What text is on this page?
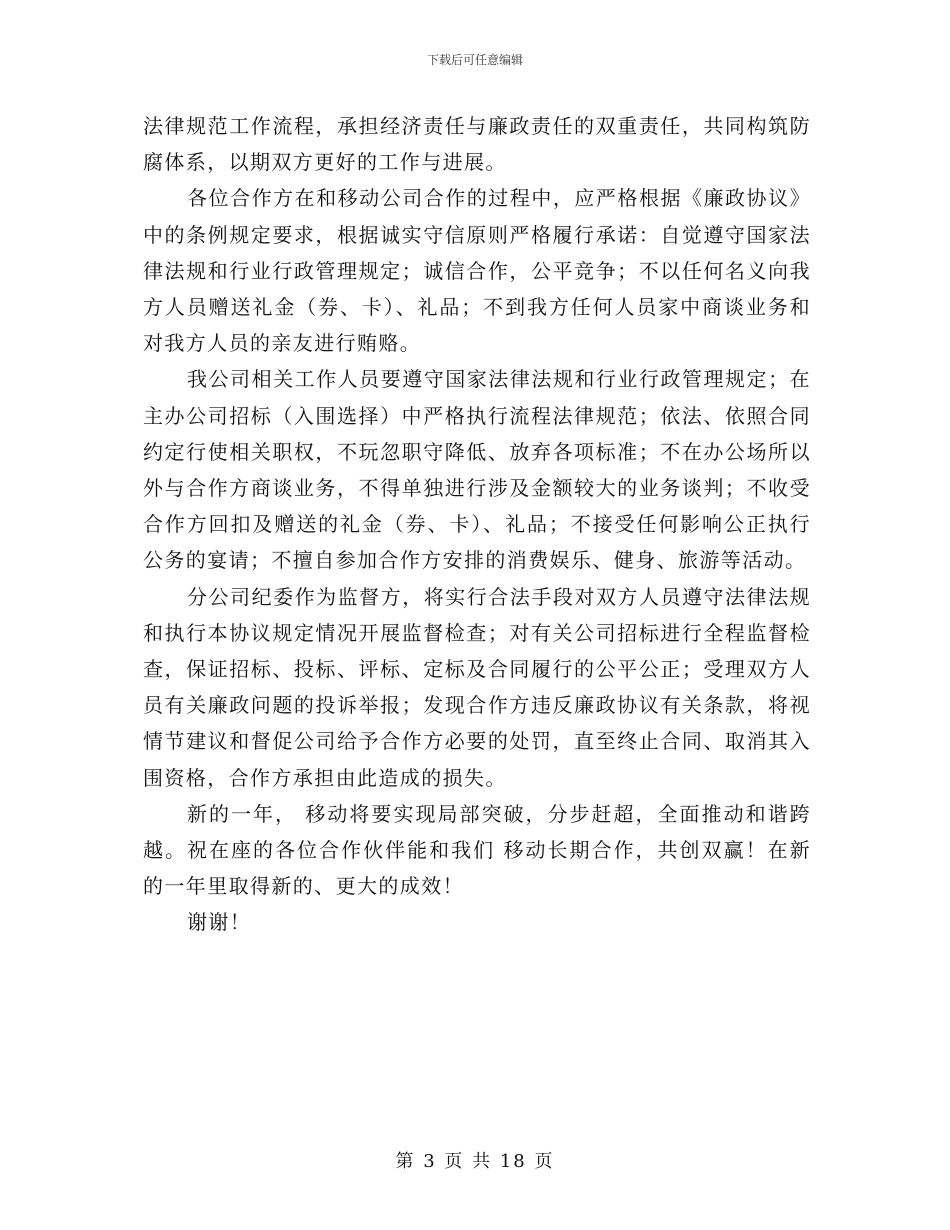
下载后可任意编辑

法律规范工作流程，承担经济责任与廉政责任的双重责任，共同构筑防腐体系，以期双方更好的工作与进展。

各位合作方在和移动公司合作的过程中，应严格根据《廉政协议》中的条例规定要求，根据诚实守信原则严格履行承诺：自觉遵守国家法律法规和行业行政管理规定；诚信合作，公平竞争；不以任何名义向我方人员赠送礼金（券、卡）、礼品；不到我方任何人员家中商谈业务和对我方人员的亲友进行贿赂。

我公司相关工作人员要遵守国家法律法规和行业行政管理规定；在主办公司招标（入围选择）中严格执行流程法律规范；依法、依照合同约定行使相关职权，不玩忽职守降低、放弃各项标准；不在办公场所以外与合作方商谈业务，不得单独进行涉及金额较大的业务谈判；不收受合作方回扣及赠送的礼金（券、卡）、礼品；不接受任何影响公正执行公务的宴请；不擅自参加合作方安排的消费娱乐、健身、旅游等活动。

分公司纪委作为监督方，将实行合法手段对双方人员遵守法律法规和执行本协议规定情况开展监督检查；对有关公司招标进行全程监督检查，保证招标、投标、评标、定标及合同履行的公平公正；受理双方人员有关廉政问题的投诉举报；发现合作方违反廉政协议有关条款，将视情节建议和督促公司给予合作方必要的处罚，直至终止合同、取消其入围资格，合作方承担由此造成的损失。

新的一年， 移动将要实现局部突破，分步赶超，全面推动和谐跨越。祝在座的各位合作伙伴能和我们 移动长期合作，共创双赢！在新的一年里取得新的、更大的成效！

谢谢！

第 3 页 共 18 页
